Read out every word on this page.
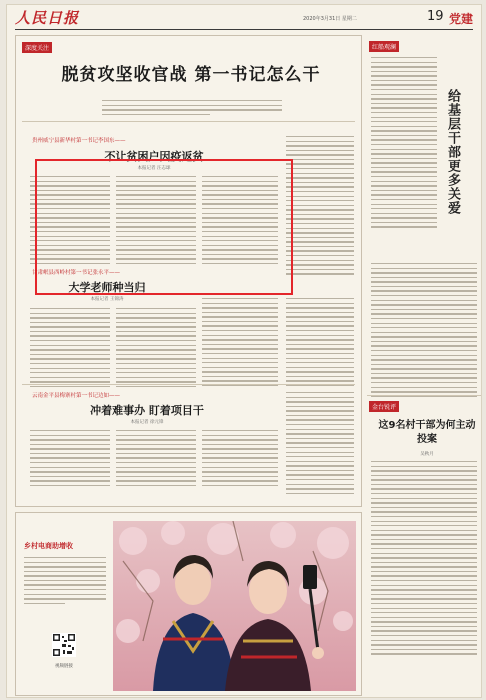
人民日报	2020年3月31日 星期二	19 党建
深度关注
脱贫攻坚收官战 第一书记怎么干
贵州威宁县新华村第一书记李国东——
不让贫困户因疫返贫
本报记者 汪志球
甘肃岷县西岭村第一书记张永平——
大学老师种当归
本报记者 王锦涛
云南金平县梅寨村第一书记边如——
冲着难事办 盯着项目干
本报记者 徐元锋
红船观澜
给基层干部更多关爱
金台锐评
这9名村干部为何主动投案
吴秋月
乡村电商助增收
视频链接
